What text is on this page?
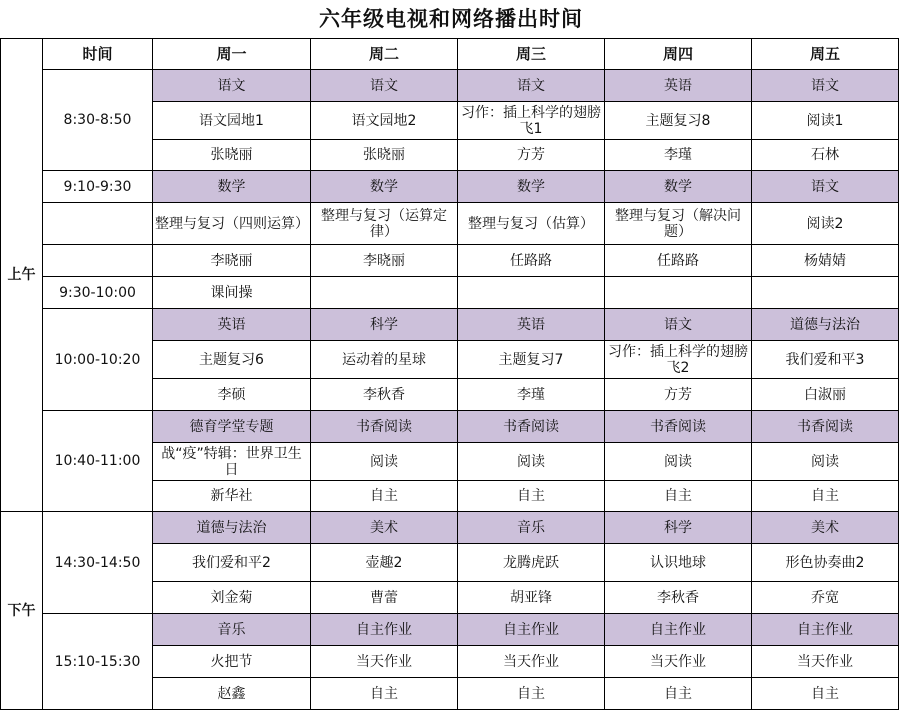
六年级电视和网络播出时间
上午	时间	周一	周二	周三	周四	周五
	8:30-8:50	语文	语文	语文	英语	语文
		语文园地1	语文园地2	习作：插上科学的翅膀飞1	主题复习8	阅读1
		张晓丽	张晓丽	方芳	李瑾	石林
	9:10-9:30	数学	数学	数学	数学	语文
		整理与复习（四则运算）	整理与复习（运算定律）	整理与复习（估算）	整理与复习（解决问题）	阅读2
		李晓丽	李晓丽	任路路	任路路	杨婧婧
	9:30-10:00	课间操				
	10:00-10:20	英语	科学	英语	语文	道德与法治
		主题复习6	运动着的星球	主题复习7	习作：插上科学的翅膀飞2	我们爱和平3
		李硕	李秋香	李瑾	方芳	白淑丽
	10:40-11:00	德育学堂专题	书香阅读	书香阅读	书香阅读	书香阅读
		战“疫”特辑：世界卫生日	阅读	阅读	阅读	阅读
		新华社	自主	自主	自主	自主
下午	14:30-14:50	道德与法治	美术	音乐	科学	美术
		我们爱和平2	壶趣2	龙腾虎跃	认识地球	形色协奏曲2
		刘金菊	曹蕾	胡亚锋	李秋香	乔宽
	15:10-15:30	音乐	自主作业	自主作业	自主作业	自主作业
		火把节	当天作业	当天作业	当天作业	当天作业
		赵鑫	自主	自主	自主	自主
